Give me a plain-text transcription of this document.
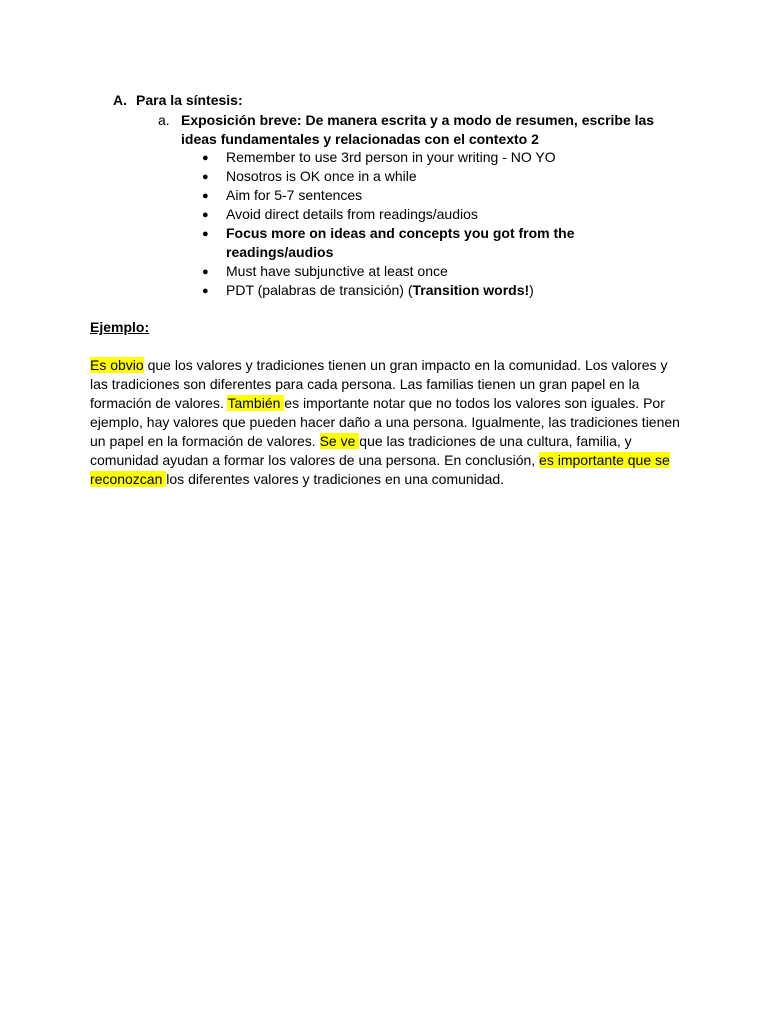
A. Para la síntesis:
a. Exposición breve: De manera escrita y a modo de resumen, escribe las
ideas fundamentales y relacionadas con el contexto 2
● Remember to use 3rd person in your writing - NO YO
● Nosotros is OK once in a while
● Aim for 5-7 sentences
● Avoid direct details from readings/audios
● Focus more on ideas and concepts you got from the
readings/audios
● Must have subjunctive at least once
● PDT (palabras de transición) (Transition words!)
Ejemplo:
Es obvio que los valores y tradiciones tienen un gran impacto en la comunidad. Los valores y
las tradiciones son diferentes para cada persona. Las familias tienen un gran papel en la
formación de valores. También es importante notar que no todos los valores son iguales. Por
ejemplo, hay valores que pueden hacer daño a una persona. Igualmente, las tradiciones tienen
un papel en la formación de valores. Se ve que las tradiciones de una cultura, familia, y
comunidad ayudan a formar los valores de una persona. En conclusión, es importante que se
reconozcan los diferentes valores y tradiciones en una comunidad.
